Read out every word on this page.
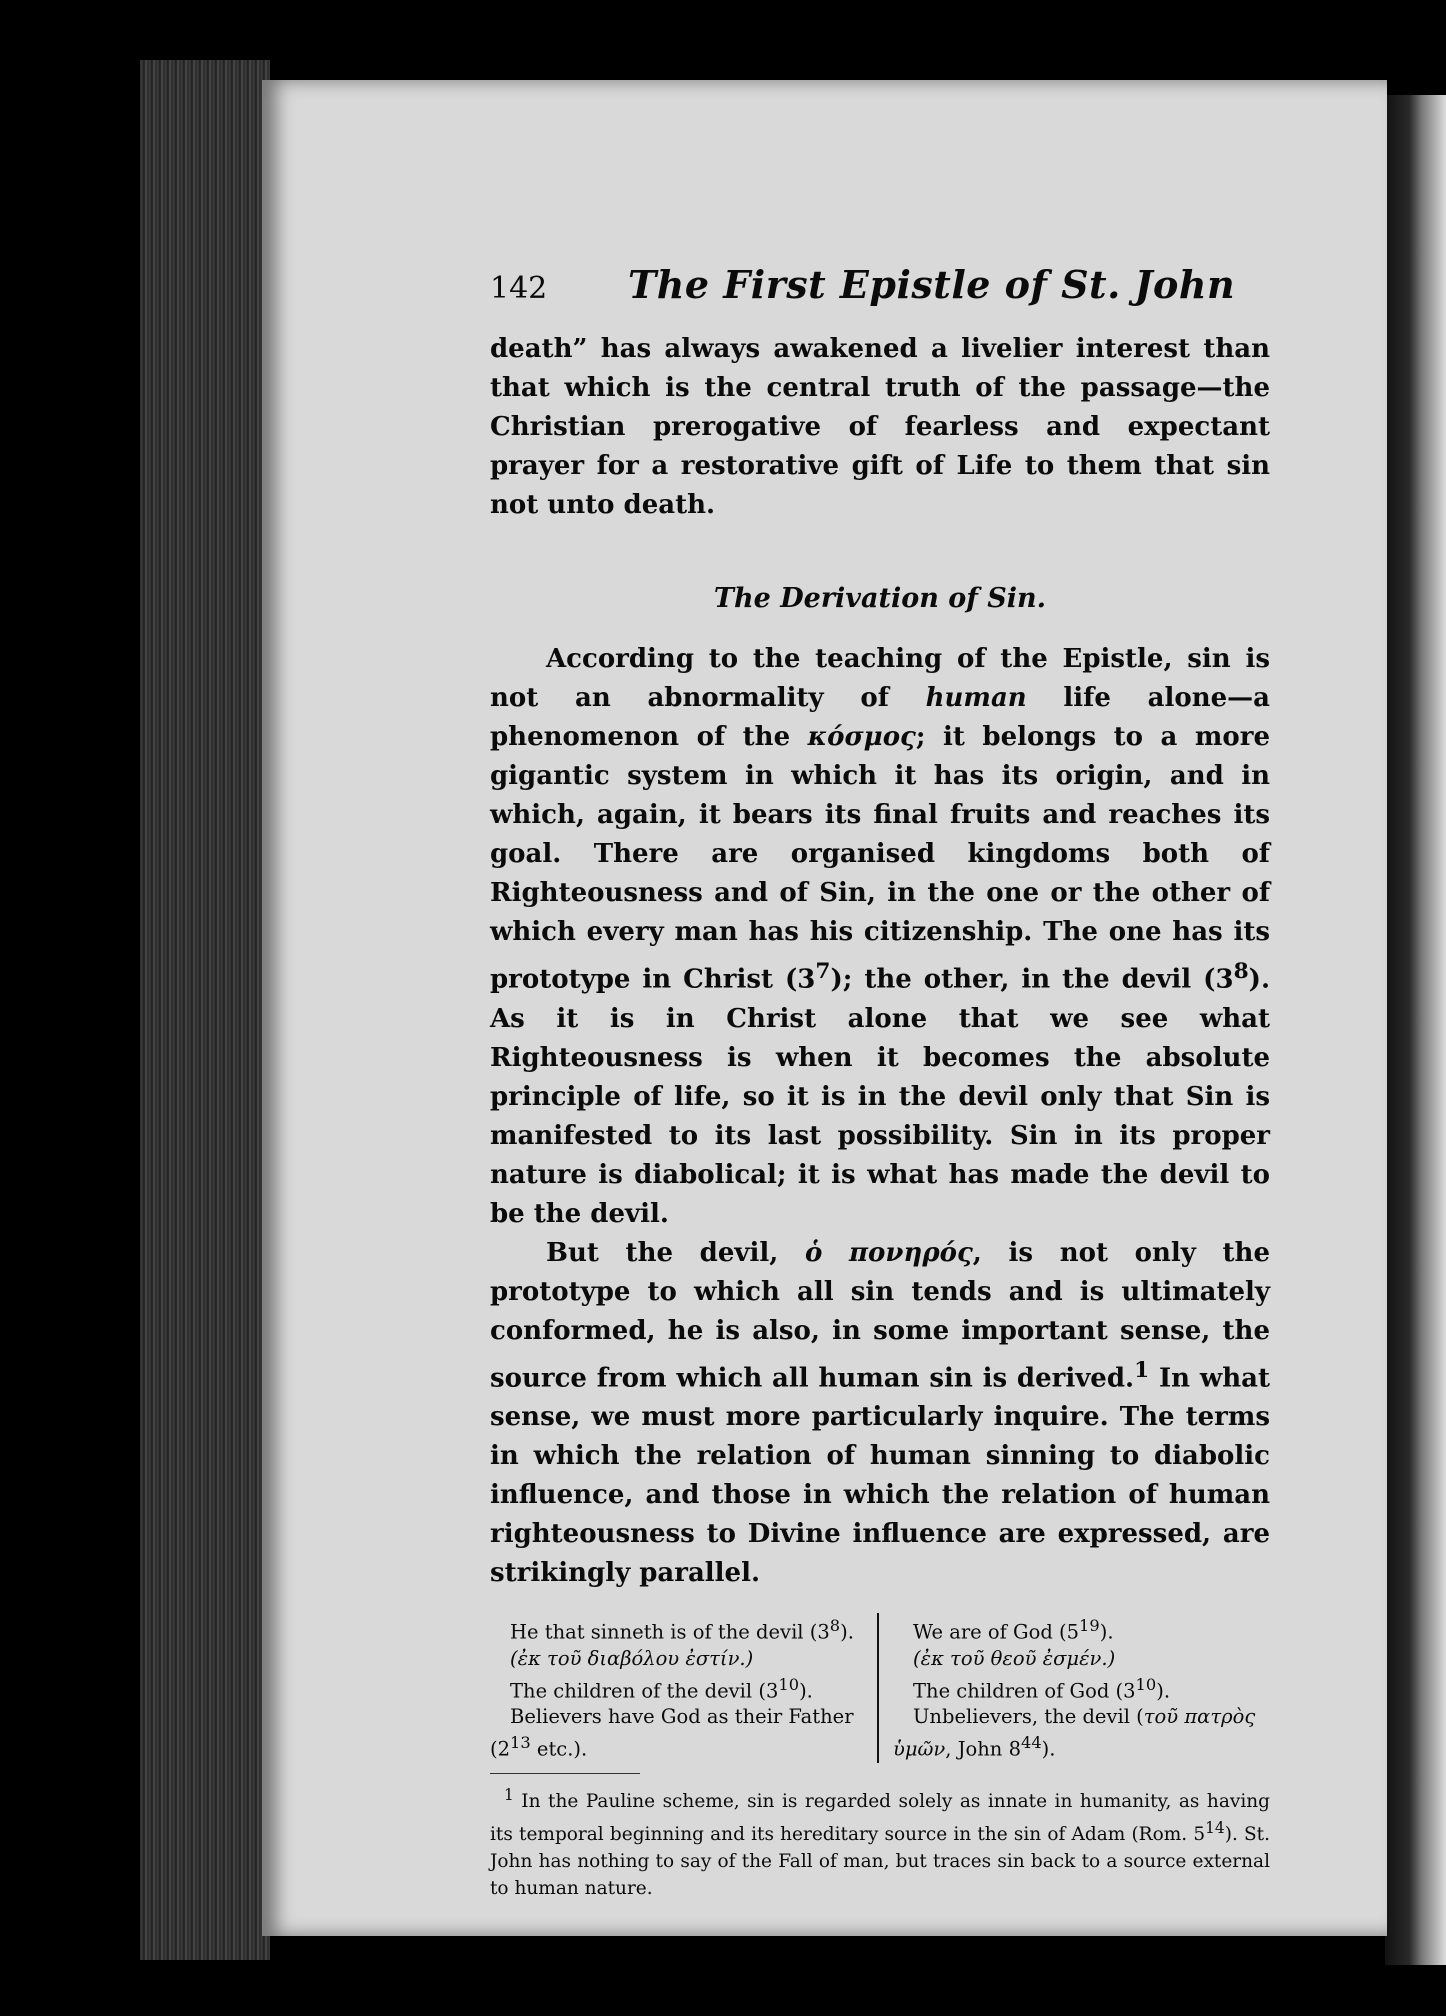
142	The First Epistle of St. John

death” has always awakened a livelier interest than that which is the central truth of the passage—the Christian prerogative of fearless and expectant prayer for a restorative gift of Life to them that sin not unto death.

The Derivation of Sin.

According to the teaching of the Epistle, sin is not an abnormality of human life alone—a phenomenon of the κόσμος; it belongs to a more gigantic system in which it has its origin, and in which, again, it bears its final fruits and reaches its goal. There are organised kingdoms both of Righteousness and of Sin, in the one or the other of which every man has his citizenship. The one has its prototype in Christ $(3^7)$; the other, in the devil $(3^8)$. As it is in Christ alone that we see what Righteousness is when it becomes the absolute principle of life, so it is in the devil only that Sin is manifested to its last possibility. Sin in its proper nature is diabolical; it is what has made the devil to be the devil.

But the devil, ὁ πονηρός, is not only the prototype to which all sin tends and is ultimately conformed, he is also, in some important sense, the source from which all human sin is derived.$^1$ In what sense, we must more particularly inquire. The terms in which the relation of human sinning to diabolic influence, and those in which the relation of human righteousness to Divine influence are expressed, are strikingly parallel.

He that sinneth is of the devil $(3^8)$.
(ἐκ τοῦ διαβόλου ἐστίν.)
The children of the devil $(3^{10})$.
Believers have God as their Father
($2^{13}$ etc.).
We are of God $(5^{19})$.
(ἐκ τοῦ θεοῦ ἐσμέν.)
The children of God $(3^{10})$.
Unbelievers, the devil (τοῦ πατρὸς
ὑμῶν, John $8^{44}$).

$^1$ In the Pauline scheme, sin is regarded solely as innate in humanity, as having its temporal beginning and its hereditary source in the sin of Adam (Rom. $5^{14}$). St. John has nothing to say of the Fall of man, but traces sin back to a source external to human nature.
